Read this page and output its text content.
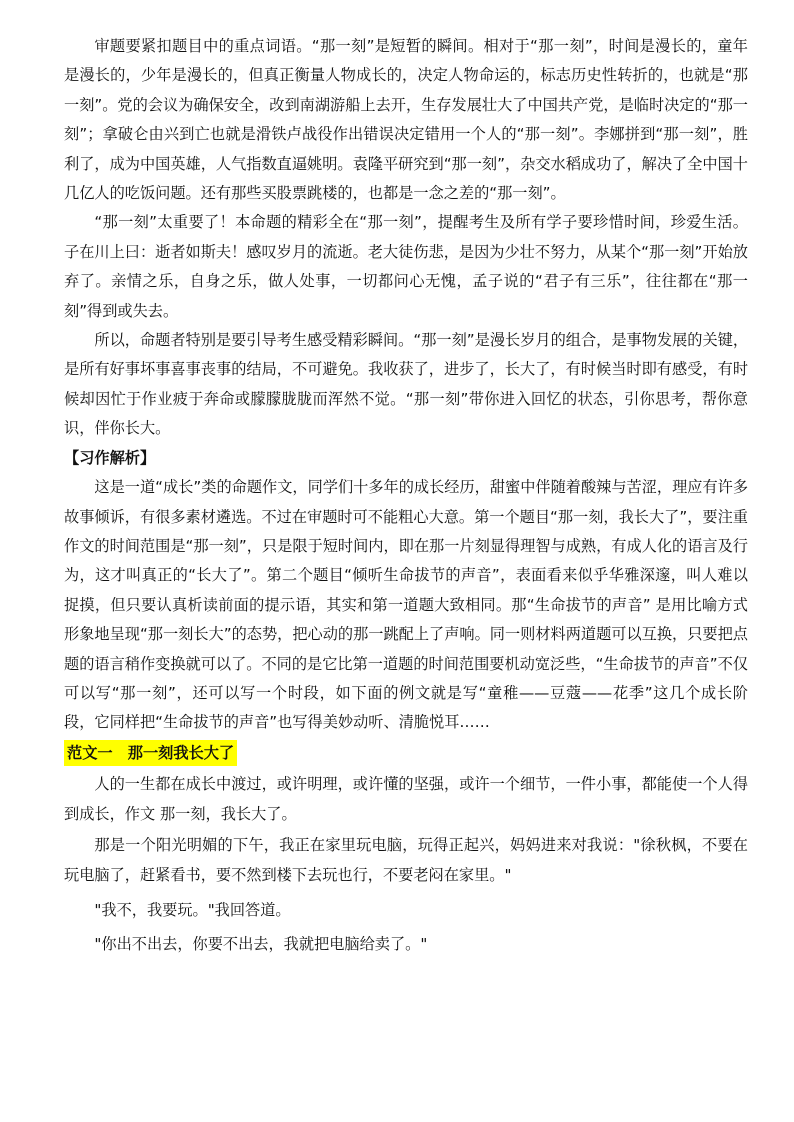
审题要紧扣题目中的重点词语。“那一刻”是短暂的瞬间。相对于“那一刻”，时间是漫长的，童年是漫长的，少年是漫长的，但真正衡量人物成长的，决定人物命运的，标志历史性转折的，也就是“那一刻”。党的会议为确保安全，改到南湖游船上去开，生存发展壮大了中国共产党，是临时决定的“那一刻”；拿破仑由兴到亡也就是滑铁卢战役作出错误决定错用一个人的“那一刻”。李娜拼到“那一刻”，胜利了，成为中国英雄，人气指数直逼姚明。袁隆平研究到“那一刻”，杂交水稻成功了，解决了全中国十几亿人的吃饭问题。还有那些买股票跳楼的，也都是一念之差的“那一刻”。

“那一刻”太重要了！本命题的精彩全在“那一刻”，提醒考生及所有学子要珍惜时间，珍爱生活。子在川上曰：逝者如斯夫！感叹岁月的流逝。老大徒伤悲，是因为少壮不努力，从某个“那一刻”开始放弃了。亲情之乐，自身之乐，做人处事，一切都问心无愧，孟子说的“君子有三乐”，往往都在“那一刻”得到或失去。

所以，命题者特别是要引导考生感受精彩瞬间。“那一刻”是漫长岁月的组合，是事物发展的关键，是所有好事坏事喜事丧事的结局，不可避免。我收获了，进步了，长大了，有时候当时即有感受，有时候却因忙于作业疲于奔命或朦朦胧胧而浑然不觉。“那一刻”带你进入回忆的状态，引你思考，帮你意识，伴你长大。

【习作解析】

这是一道“成长”类的命题作文，同学们十多年的成长经历，甜蜜中伴随着酸辣与苦涩，理应有许多故事倾诉，有很多素材遴选。不过在审题时可不能粗心大意。第一个题目“那一刻，我长大了”，要注重作文的时间范围是“那一刻”，只是限于短时间内，即在那一片刻显得理智与成熟，有成人化的语言及行为，这才叫真正的“长大了”。第二个题目“倾听生命拔节的声音”，表面看来似乎华雅深邃，叫人难以捉摸，但只要认真析读前面的提示语，其实和第一道题大致相同。那“生命拔节的声音” 是用比喻方式形象地呈现“那一刻长大”的态势，把心动的那一跳配上了声响。同一则材料两道题可以互换，只要把点题的语言稍作变换就可以了。不同的是它比第一道题的时间范围要机动宽泛些，“生命拔节的声音”不仅可以写“那一刻”，还可以写一个时段，如下面的例文就是写“童稚——豆蔻——花季”这几个成长阶段，它同样把“生命拔节的声音”也写得美妙动听、清脆悦耳……

范文一　那一刻我长大了

人的一生都在成长中渡过，或许明理，或许懂的坚强，或许一个细节，一件小事，都能使一个人得到成长，作文 那一刻，我长大了。

那是一个阳光明媚的下午，我正在家里玩电脑，玩得正起兴，妈妈进来对我说："徐秋枫，不要在玩电脑了，赶紧看书，要不然到楼下去玩也行，不要老闷在家里。"

"我不，我要玩。"我回答道。

"你出不出去，你要不出去，我就把电脑给卖了。"
